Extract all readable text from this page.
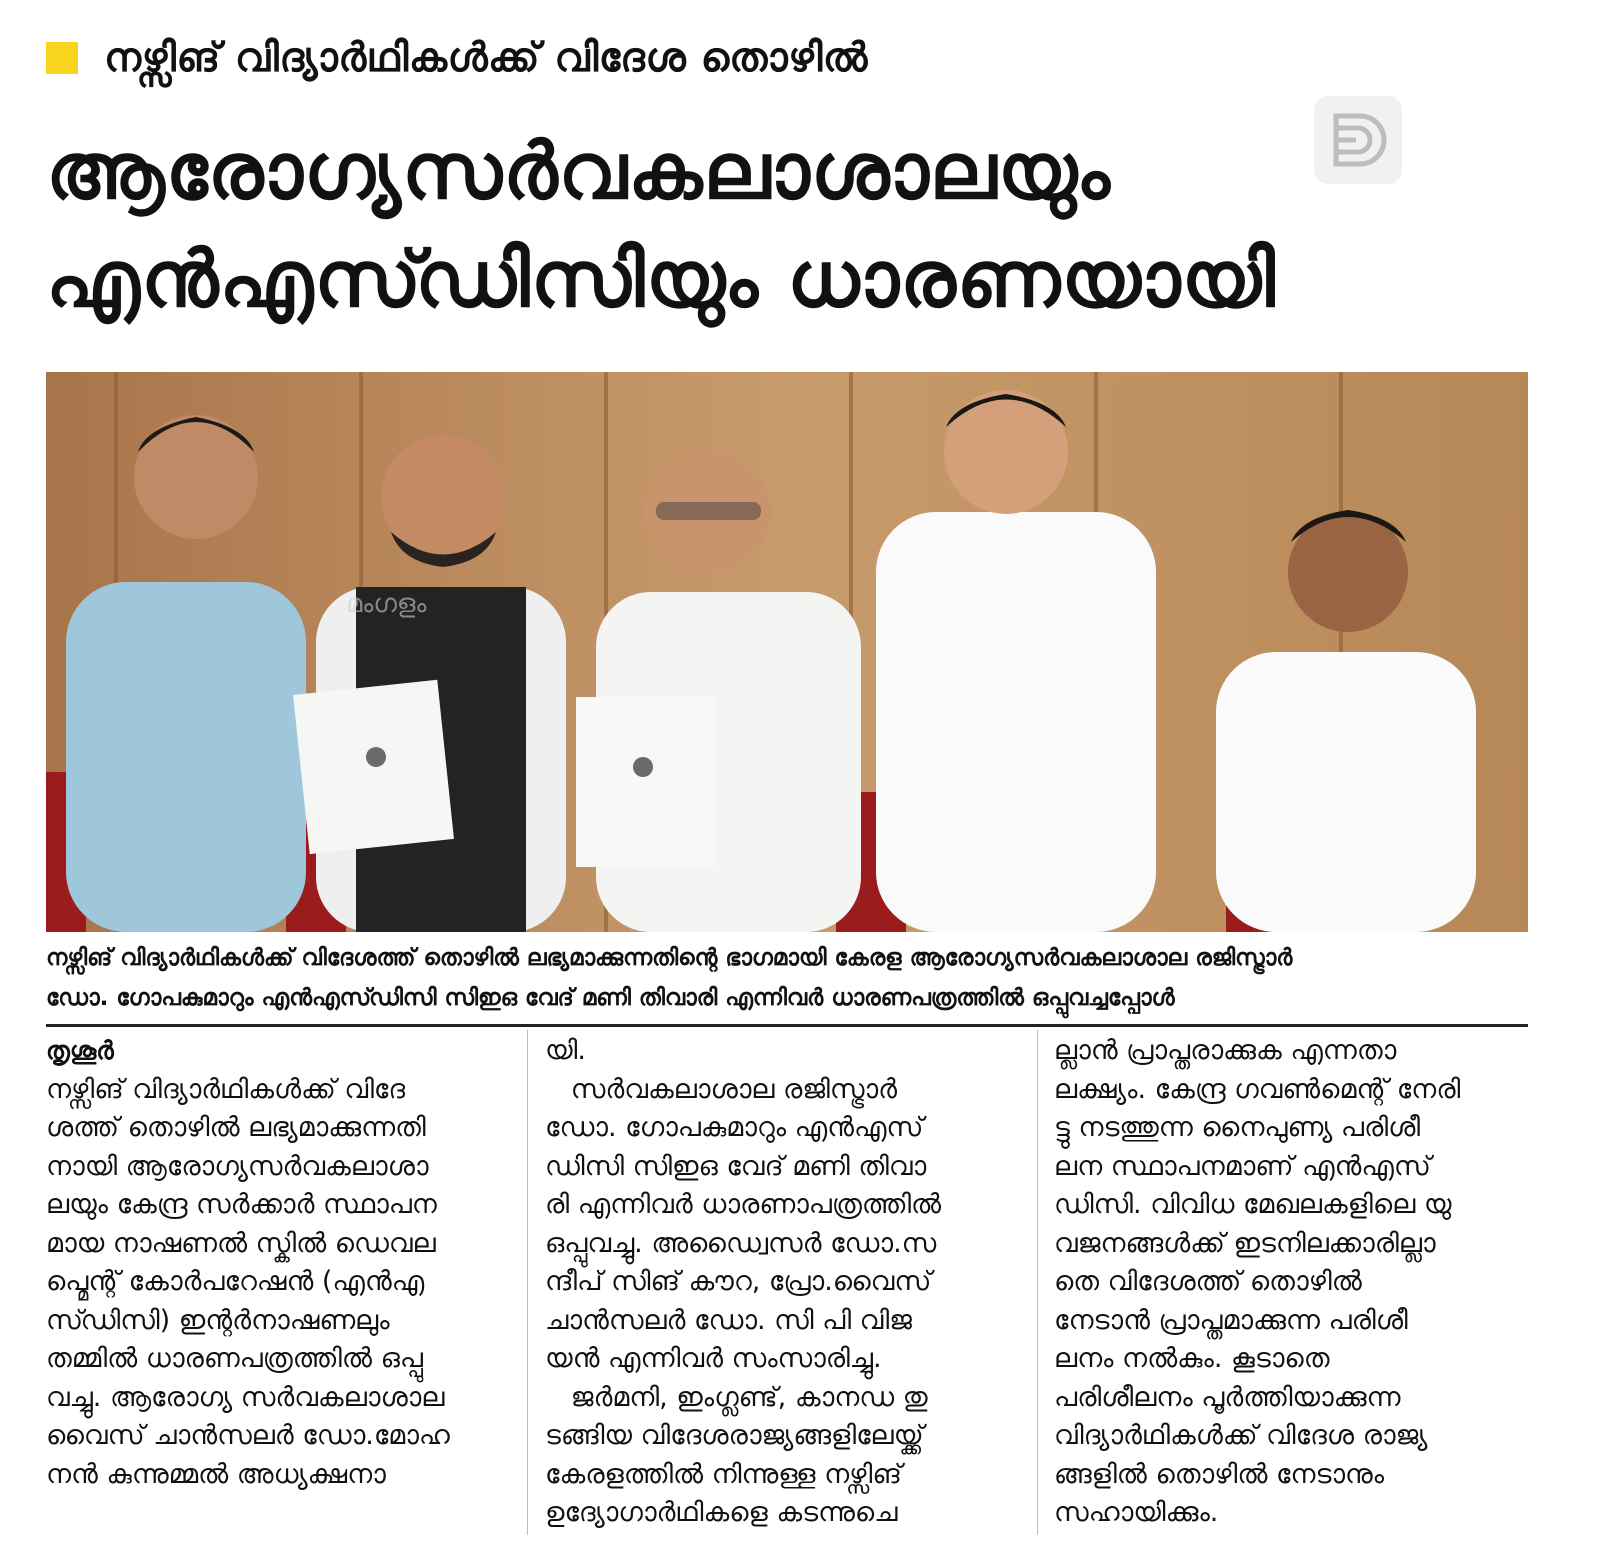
നഴ്സിങ് വിദ്യാർഥികൾക്ക് വിദേശ തൊഴിൽ
ആരോഗ്യസർവകലാശാലയും
എൻഎസ്ഡിസിയും ധാരണയായി
മംഗളം
നഴ്സിങ് വിദ്യാർഥികൾക്ക് വിദേശത്ത് തൊഴിൽ ലഭ്യമാക്കുന്നതിന്റെ ഭാഗമായി കേരള ആരോഗ്യസർവകലാശാല രജിസ്ട്രാർ
ഡോ. ഗോപകുമാറും എൻഎസ്ഡിസി സിഇഒ വേദ് മണി തിവാരി എന്നിവർ ധാരണപത്രത്തിൽ ഒപ്പുവച്ചപ്പോൾ
തൃശൂർ
നഴ്സിങ് വിദ്യാർഥികൾക്ക് വിദേ
ശത്ത് തൊഴിൽ ലഭ്യമാക്കുന്നതി
നായി ആരോഗ്യസർവകലാശാ
ലയും കേന്ദ്ര സർക്കാർ സ്ഥാപന
മായ നാഷണൽ സ്കിൽ ഡെവല
പ്മെന്റ് കോർപറേഷൻ (എൻഎ
സ്ഡിസി) ഇന്റർനാഷണലും
തമ്മിൽ ധാരണപത്രത്തിൽ ഒപ്പു
വച്ചു. ആരോഗ്യ സർവകലാശാല
വൈസ് ചാൻസലർ ഡോ.മോഹ
നൻ കുന്നുമ്മൽ അധ്യക്ഷനാ
യി.
സർവകലാശാല രജിസ്ട്രാർ
ഡോ. ഗോപകുമാറും എൻഎസ്
ഡിസി സിഇഒ വേദ് മണി തിവാ
രി എന്നിവർ ധാരണാപത്രത്തിൽ
ഒപ്പുവച്ചു. അഡ്വൈസർ ഡോ.സ
ന്ദീപ് സിങ് കൗറ, പ്രോ.വൈസ്
ചാൻസലർ ഡോ. സി പി വിജ
യൻ എന്നിവർ സംസാരിച്ചു.
ജർമനി, ഇംഗ്ലണ്ട്, കാനഡ തു
ടങ്ങിയ വിദേശരാജ്യങ്ങളിലേയ്ക്ക്
കേരളത്തിൽ നിന്നുള്ള നഴ്സിങ്
ഉദ്യോഗാർഥികളെ കടന്നുചെ
ല്ലാൻ പ്രാപ്തരാക്കുക എന്നതാ
ലക്ഷ്യം. കേന്ദ്ര ഗവൺമെന്റ് നേരി
ട്ടു നടത്തുന്ന നൈപുണ്യ പരിശീ
ലന സ്ഥാപനമാണ് എൻഎസ്
ഡിസി. വിവിധ മേഖലകളിലെ യു
വജനങ്ങൾക്ക് ഇടനിലക്കാരില്ലാ
തെ വിദേശത്ത് തൊഴിൽ
നേടാൻ പ്രാപ്തമാക്കുന്ന പരിശീ
ലനം നൽകും. കൂടാതെ
പരിശീലനം പൂർത്തിയാക്കുന്ന
വിദ്യാർഥികൾക്ക് വിദേശ രാജ്യ
ങ്ങളിൽ തൊഴിൽ നേടാനും
സഹായിക്കും.
